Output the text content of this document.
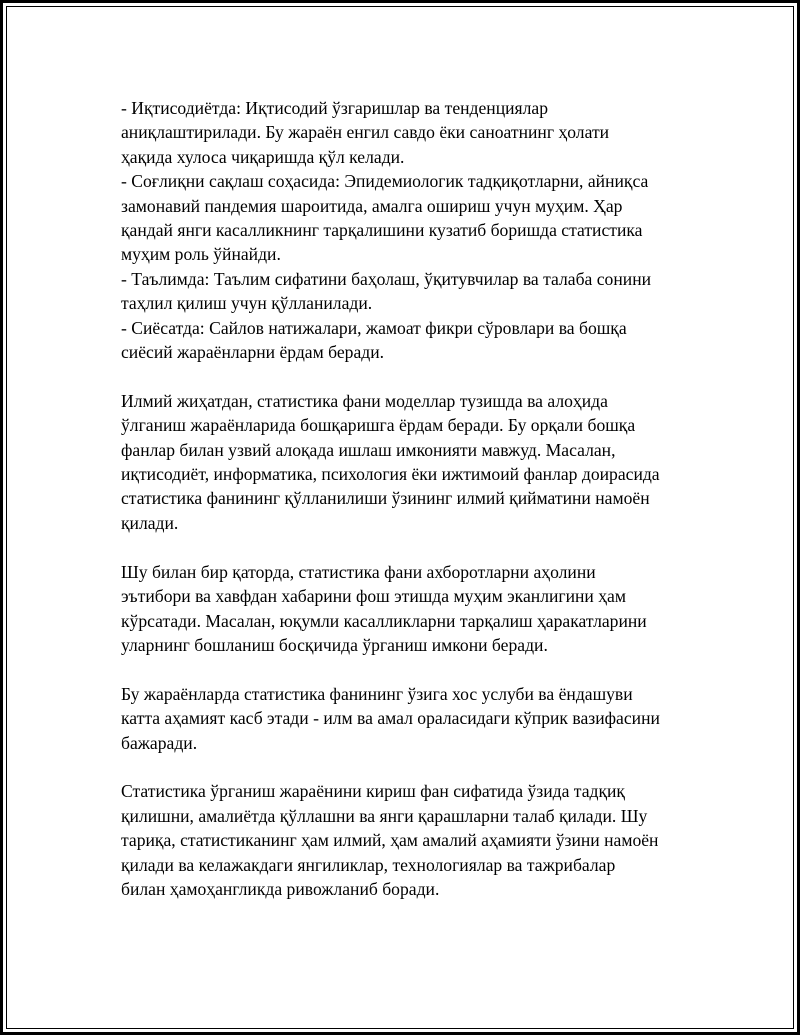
- Иқтисодиётда: Иқтисодий ўзгаришлар ва тенденциялар
аниқлаштирилади. Бу жараён енгил савдо ёки саноатнинг ҳолати
ҳақида хулоса чиқаришда қўл келади.
- Соғлиқни сақлаш соҳасида: Эпидемиологик тадқиқотларни, айниқса
замонавий пандемия шароитида, амалга ошириш учун муҳим. Ҳар
қандай янги касалликнинг тарқалишини кузатиб боришда статистика
муҳим роль ўйнайди.
- Таълимда: Таълим сифатини баҳолаш, ўқитувчилар ва талаба сонини
таҳлил қилиш учун қўлланилади.
- Сиёсатда: Сайлов натижалари, жамоат фикри сўровлари ва бошқа
сиёсий жараёнларни ёрдам беради.
Илмий жиҳатдан, статистика фани моделлар тузишда ва алоҳида
ўлганиш жараёнларида бошқаришга ёрдам беради. Бу орқали бошқа
фанлар билан узвий алоқада ишлаш имконияти мавжуд. Масалан,
иқтисодиёт, информатика, психология ёки ижтимоий фанлар доирасида
статистика фанининг қўлланилиши ўзининг илмий қийматини намоён
қилади.
Шу билан бир қаторда, статистика фани ахборотларни аҳолини
эътибори ва хавфдан хабарини фош этишда муҳим эканлигини ҳам
кўрсатади. Масалан, юқумли касалликларни тарқалиш ҳаракатларини
уларнинг бошланиш босқичида ўрганиш имкони беради.
Бу жараёнларда статистика фанининг ўзига хос услуби ва ёндашуви
катта аҳамият касб этади - илм ва амал ораласидаги кўприк вазифасини
бажаради.
Статистика ўрганиш жараёнини кириш фан сифатида ўзида тадқиқ
қилишни, амалиётда қўллашни ва янги қарашларни талаб қилади. Шу
тариқа, статистиканинг ҳам илмий, ҳам амалий аҳамияти ўзини намоён
қилади ва келажакдаги янгиликлар, технологиялар ва тажрибалар
билан ҳамоҳангликда ривожланиб боради.
